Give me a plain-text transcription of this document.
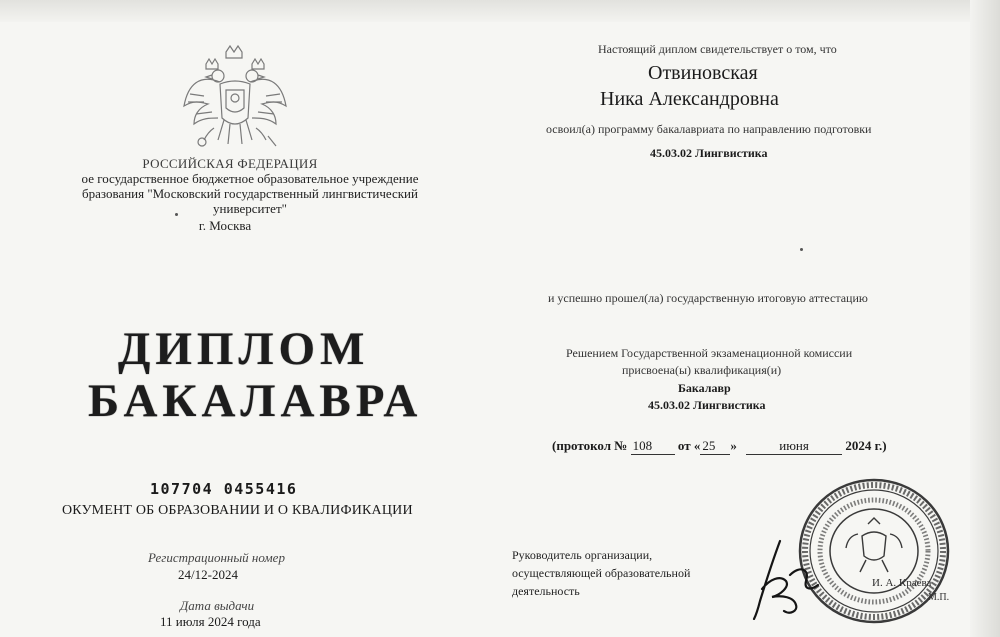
РОССИЙСКАЯ ФЕДЕРАЦИЯ
ое государственное бюджетное образовательное учреждение
бразования "Московский государственный лингвистический
университет"
г. Москва
ДИПЛОМ
БАКАЛАВРА
107704 0455416
ОКУМЕНТ ОБ ОБРАЗОВАНИИ И О КВАЛИФИКАЦИИ
Регистрационный номер
24/12-2024
Дата выдачи
11 июля 2024 года
Настоящий диплом свидетельствует о том, что
Отвиновская
Ника Александровна
освоил(а) программу бакалавриата по направлению подготовки
45.03.02 Лингвистика
и успешно прошел(ла) государственную итоговую аттестацию
Решением Государственной экзаменационной комиссии
присвоена(ы) квалификация(и)
Бакалавр
45.03.02 Лингвистика
(протокол № 108 от « 25 »	июня	2024 г.)
Руководитель организации,
осуществляющей образовательной
деятельность
И. А. Краева
М.П.
